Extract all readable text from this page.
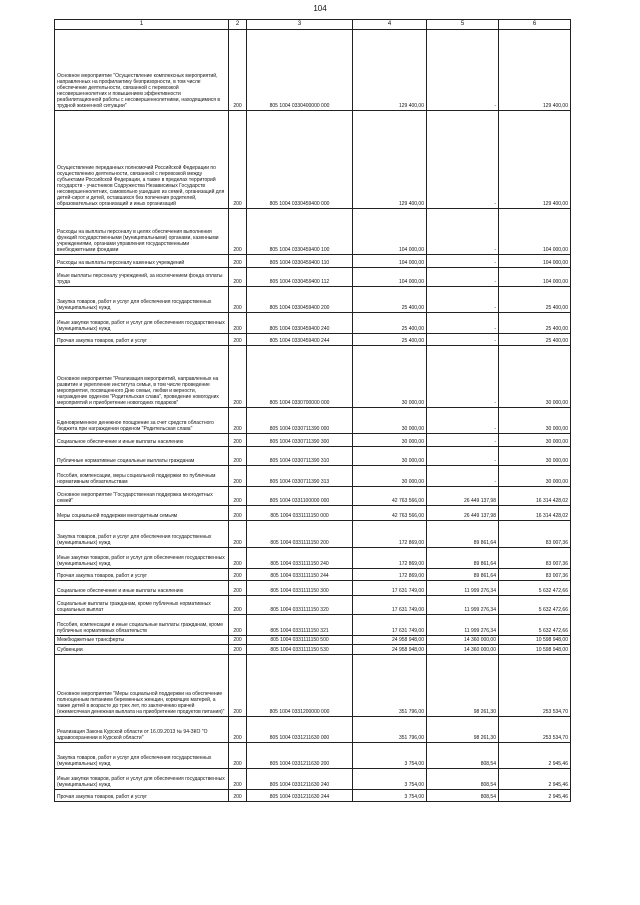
104
1	2	3	4	5	6
Основное мероприятие "Осуществление комплексных мероприятий, направленных на профилактику безпризорности, в том числе обеспечение деятельности, связанной с перевозкой несовершеннолетних и повышением эффективности реабилитационной работы с несовершеннолетними, находящимися в трудной жизненной ситуации"	200	805 1004 0330400000 000	129 400,00	-	129 400,00
Осуществление переданных полномочий Российской Федерации по осуществлению деятельности, связанной с перевозкой между субъектами Российской Федерации, а также в пределах территорий государств - участников Содружества Независимых Государств несовершеннолетних, самовольно ушедших из семей, организаций для детей-сирот и детей, оставшихся без попечения родителей, образовательных организаций и иных организаций	200	805 1004 0330459400 000	129 400,00	-	129 400,00
Расходы на выплаты персоналу в целях обеспечения выполнения функций государственными (муниципальными) органами, казенными учреждениями, органами управления государственными внебюджетными фондами	200	805 1004 0330459400 100	104 000,00	-	104 000,00
Расходы на выплаты персоналу казенных учреждений	200	805 1004 0330459400 110	104 000,00	-	104 000,00
Иные выплаты персоналу учреждений, за исключением фонда оплаты труда	200	805 1004 0330459400 112	104 000,00	-	104 000,00
Закупка товаров, работ и услуг для обеспечения государственных (муниципальных) нужд	200	805 1004 0330459400 200	25 400,00	-	25 400,00
Иные закупки товаров, работ и услуг для обеспечения государственных (муниципальных) нужд	200	805 1004 0330459400 240	25 400,00	-	25 400,00
Прочая закупка товаров, работ и услуг	200	805 1004 0330459400 244	25 400,00	-	25 400,00
Основное мероприятие "Реализация мероприятий, направленных на развитие и укрепление института семьи, в том числе проведение мероприятия, посвященного Дню семьи, любви и верности, награждение орденом "Родительская слава", проведение новогодних мероприятий и приобретение новогодних подарков"	200	805 1004 0330700000 000	30 000,00	-	30 000,00
Единовременное денежное поощрение за счет средств областного бюджета при награждении орденом "Родительская слава"	200	805 1004 0330711390 000	30 000,00	-	30 000,00
Социальное обеспечение и иные выплаты населению	200	805 1004 0330711390 300	30 000,00	-	30 000,00
Публичные нормативные социальные выплаты гражданам	200	805 1004 0330711390 310	30 000,00	-	30 000,00
Пособия, компенсации, меры социальной поддержки по публичным нормативным обязательствам	200	805 1004 0330711390 313	30 000,00	-	30 000,00
Основное мероприятие "Государственная поддержка многодетных семей"	200	805 1004 0331100000 000	42 763 566,00	26 449 137,98	16 314 428,02
Меры социальной поддержки многодетным семьям	200	805 1004 0331111150 000	42 763 566,00	26 449 137,98	16 314 428,02
Закупка товаров, работ и услуг для обеспечения государственных (муниципальных) нужд	200	805 1004 0331111150 200	172 869,00	89 861,64	83 007,36
Иные закупки товаров, работ и услуг для обеспечения государственных (муниципальных) нужд	200	805 1004 0331111150 240	172 869,00	89 861,64	83 007,36
Прочая закупка товаров, работ и услуг	200	805 1004 0331111150 244	172 869,00	89 861,64	83 007,36
Социальное обеспечение и иные выплаты населению	200	805 1004 0331111150 300	17 631 749,00	11 999 276,34	5 632 472,66
Социальные выплаты гражданам, кроме публичных нормативных социальных выплат	200	805 1004 0331111150 320	17 631 749,00	11 999 276,34	5 632 472,66
Пособия, компенсации и иные социальные выплаты гражданам, кроме публичных нормативных обязательств	200	805 1004 0331111150 321	17 631 749,00	11 999 276,34	5 632 472,66
Межбюджетные трансферты	200	805 1004 0331111150 500	24 958 948,00	14 360 000,00	10 598 948,00
Субвенции	200	805 1004 0331111150 530	24 958 948,00	14 360 000,00	10 598 948,00
Основное мероприятие "Меры социальной поддержки на обеспечение полноценным питанием беременных женщин, кормящих матерей, а также детей в возрасте до трех лет, по заключению врачей (ежемесячная денежная выплата на приобретение продуктов питания)"	200	805 1004 0331200000 000	351 796,00	98 261,30	253 534,70
Реализация Закона Курской области от 16.09.2013 № 94-ЗКО "О здравоохранении в Курской области"	200	805 1004 0331211630 000	351 796,00	98 261,30	253 534,70
Закупка товаров, работ и услуг для обеспечения государственных (муниципальных) нужд	200	805 1004 0331211630 200	3 754,00	808,54	2 945,46
Иные закупки товаров, работ и услуг для обеспечения государственных (муниципальных) нужд	200	805 1004 0331211630 240	3 754,00	808,54	2 945,46
Прочая закупка товаров, работ и услуг	200	805 1004 0331211630 244	3 754,00	808,54	2 945,46
